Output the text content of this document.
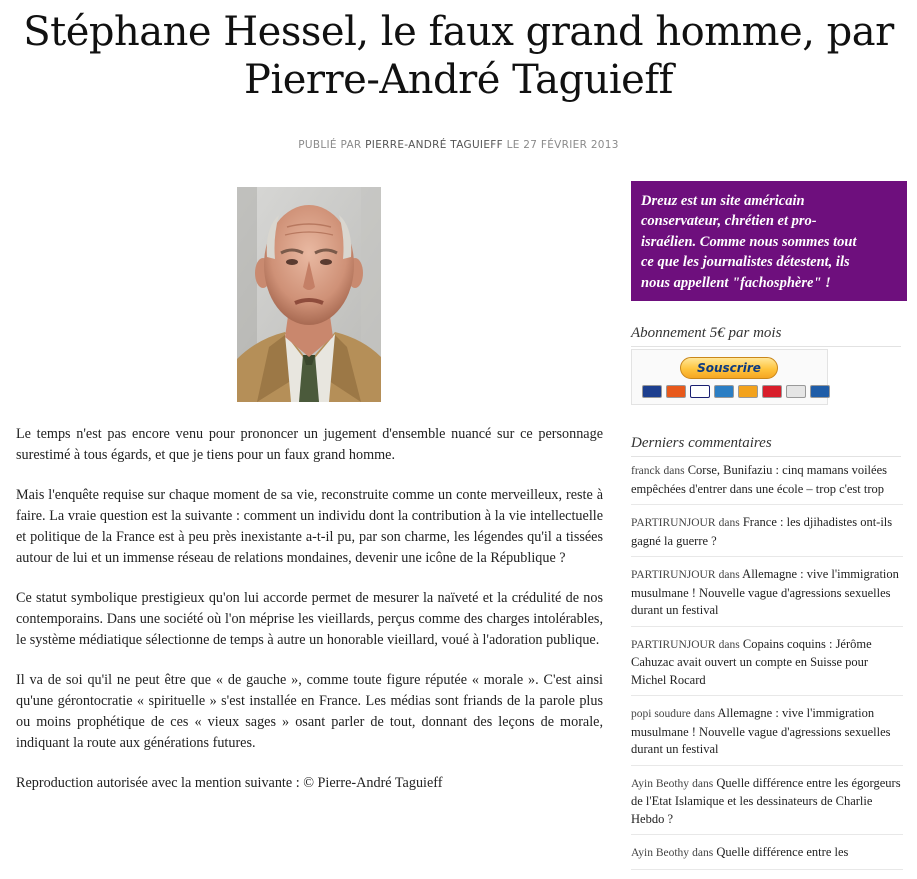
Stéphane Hessel, le faux grand homme, par
Pierre-André Taguieff
PUBLIÉ PAR PIERRE-ANDRÉ TAGUIEFF LE 27 FÉVRIER 2013

Le temps n'est pas encore venu pour prononcer un jugement d'ensemble nuancé sur ce personnage surestimé à tous égards, et que je tiens pour un faux grand homme.

Mais l'enquête requise sur chaque moment de sa vie, reconstruite comme un conte merveilleux, reste à faire. La vraie question est la suivante : comment un individu dont la contribution à la vie intellectuelle et politique de la France est à peu près inexistante a-t-il pu, par son charme, les légendes qu'il a tissées autour de lui et un immense réseau de relations mondaines, devenir une icône de la République ?

Ce statut symbolique prestigieux qu'on lui accorde permet de mesurer la naïveté et la crédulité de nos contemporains. Dans une société où l'on méprise les vieillards, perçus comme des charges intolérables, le système médiatique sélectionne de temps à autre un honorable vieillard, voué à l'adoration publique.

Il va de soi qu'il ne peut être que « de gauche », comme toute figure réputée « morale ». C'est ainsi qu'une gérontocratie « spirituelle » s'est installée en France. Les médias sont friands de la parole plus ou moins prophétique de ces « vieux sages » osant parler de tout, donnant des leçons de morale, indiquant la route aux générations futures.

Reproduction autorisée avec la mention suivante : © Pierre-André Taguieff

Dreuz est un site américain
conservateur, chrétien et pro-
israélien. Comme nous sommes tout
ce que les journalistes détestent, ils
nous appellent "fachosphère" !
Abonnement 5€ par mois
Souscrire
Derniers commentaires
franck dans Corse, Bunifaziu : cinq mamans voilées empêchées d'entrer dans une école – trop c'est trop
PARTIRUNJOUR dans France : les djihadistes ont-ils gagné la guerre ?
PARTIRUNJOUR dans Allemagne : vive l'immigration musulmane ! Nouvelle vague d'agressions sexuelles durant un festival
PARTIRUNJOUR dans Copains coquins : Jérôme Cahuzac avait ouvert un compte en Suisse pour Michel Rocard
popi soudure dans Allemagne : vive l'immigration musulmane ! Nouvelle vague d'agressions sexuelles durant un festival
Ayin Beothy dans Quelle différence entre les égorgeurs de l'Etat Islamique et les dessinateurs de Charlie Hebdo ?
Ayin Beothy dans Quelle différence entre les
